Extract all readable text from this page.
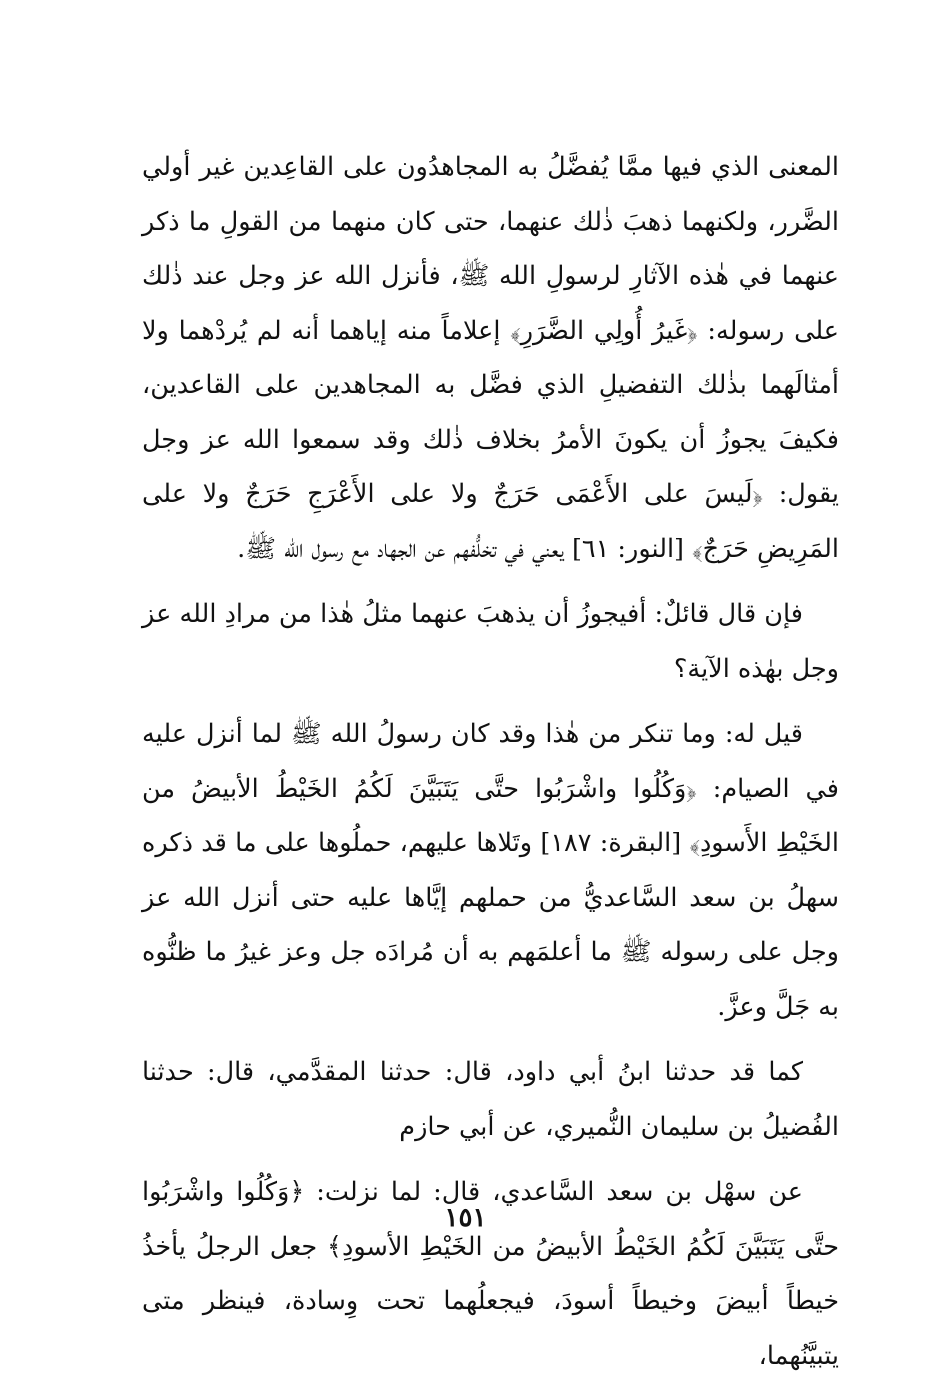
المعنى الذي فيها ممَّا يُفضَّلُ به المجاهدُون على القاعِدين غير أولي الضَّرر، ولكنهما ذهبَ ذٰلك عنهما، حتى كان منهما من القولِ ما ذكر عنهما في هٰذه الآثارِ لرسولِ الله ﷺ، فأنزل الله عز وجل عند ذٰلك على رسوله: ﴿غَيرُ أُولِي الضَّرَرِ﴾ إعلاماً منه إياهما أنه لم يُردْهما ولا أمثالَهما بذٰلك التفضيلِ الذي فضَّل به المجاهدين على القاعدين، فكيفَ يجوزُ أن يكونَ الأمرُ بخلاف ذٰلك وقد سمعوا الله عز وجل يقول: ﴿لَيسَ على الأَعْمَى حَرَجٌ ولا على الأَعْرَجِ حَرَجٌ ولا على المَرِيضِ حَرَجٌ﴾ [النور: ٦١] يعني في تخلُّفهم عن الجهاد مع رسول الله ﷺ.

فإن قال قائلٌ: أفيجوزُ أن يذهبَ عنهما مثلُ هٰذا من مرادِ الله عز وجل بهٰذه الآية؟

قيل له: وما تنكر من هٰذا وقد كان رسولُ الله ﷺ لما أنزل عليه في الصيام: ﴿وَكُلُوا واشْرَبُوا حتَّى يَتَبَيَّنَ لَكُمُ الخَيْطُ الأبيضُ من الخَيْطِ الأَسودِ﴾ [البقرة: ١٨٧] وتَلاها عليهم، حملُوها على ما قد ذكره سهلُ بن سعد السَّاعديُّ من حملهم إيَّاها عليه حتى أنزل الله عز وجل على رسوله ﷺ ما أعلمَهم به أن مُرادَه جل وعز غيرُ ما ظنُّوه به جَلَّ وعزَّ.

كما قد حدثنا ابنُ أبي داود، قال: حدثنا المقدَّمي، قال: حدثنا الفُضيلُ بن سليمان النُّميري، عن أبي حازم

عن سهْل بن سعد السَّاعدي، قال: لما نزلت: ﴿وَكُلُوا واشْرَبُوا حتَّى يَتَبَيَّنَ لَكُمُ الخَيْطُ الأبيضُ من الخَيْطِ الأسودِ﴾ جعل الرجلُ يأخذُ خيطاً أبيضَ وخيطاً أسودَ، فيجعلُهما تحت وِسادة، فينظر متى يتبيَّنُهما،

١٥١
